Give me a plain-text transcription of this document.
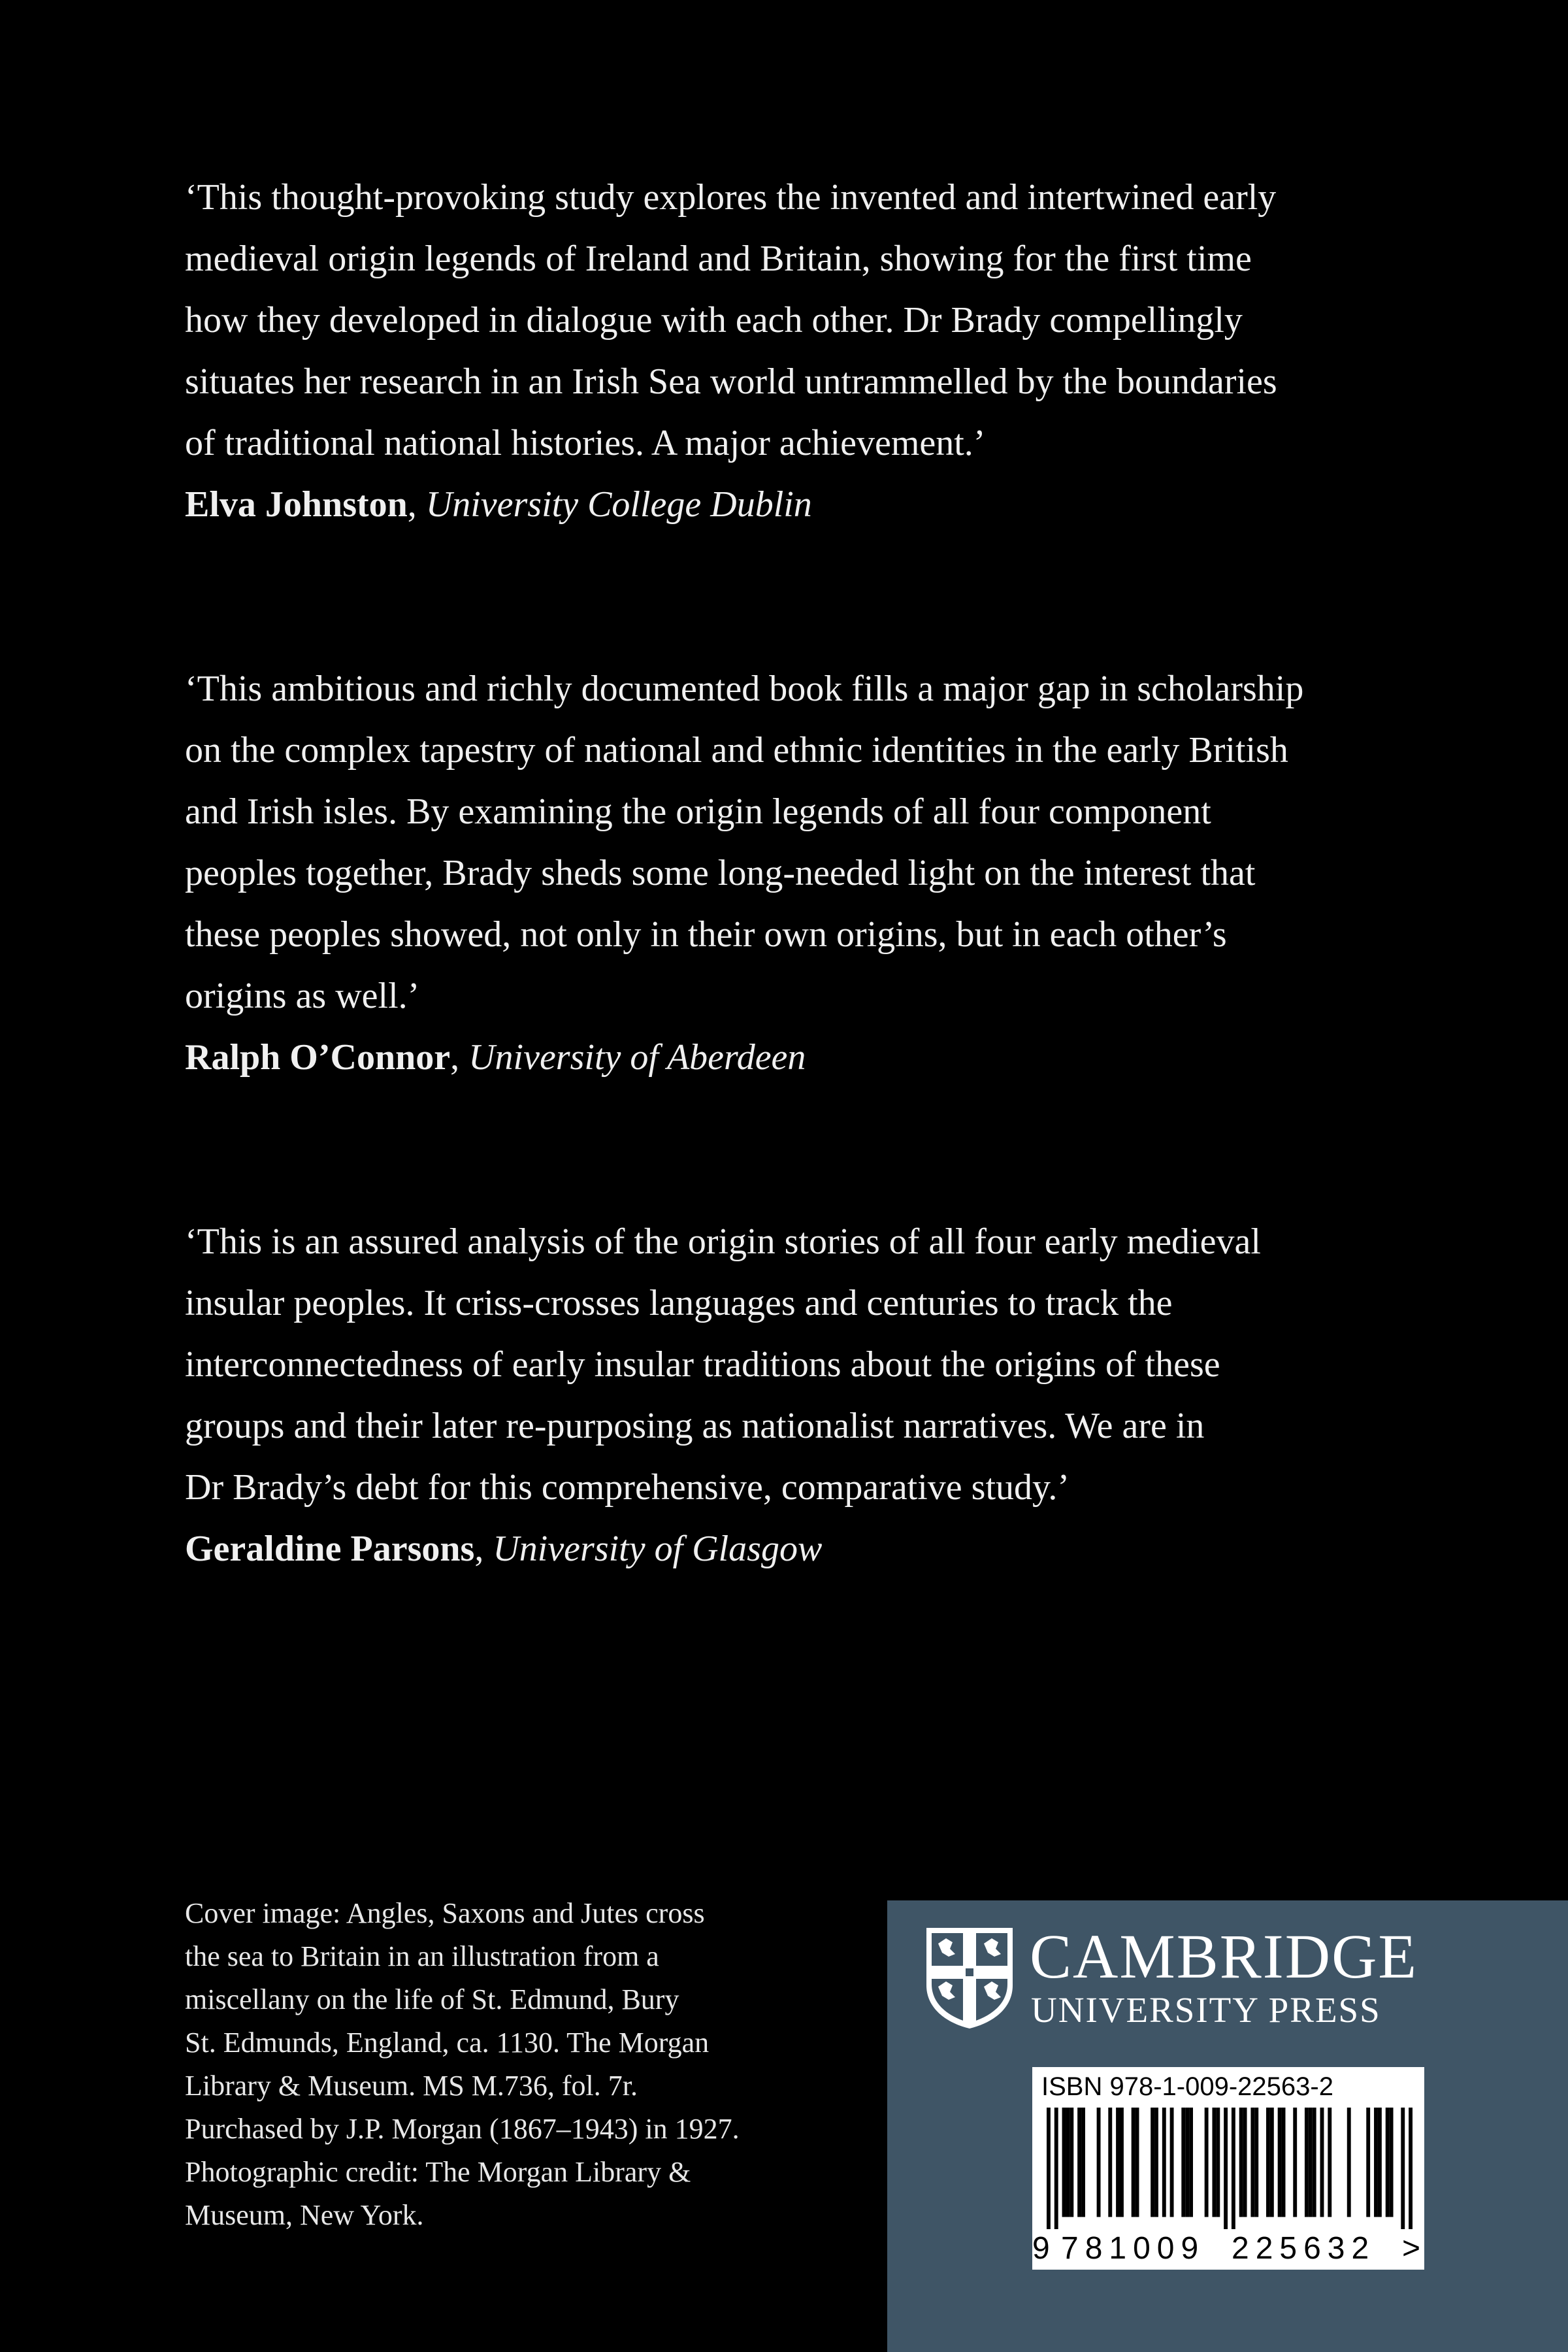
‘This thought-provoking study explores the invented and intertwined early
medieval origin legends of Ireland and Britain, showing for the first time
how they developed in dialogue with each other. Dr Brady compellingly
situates her research in an Irish Sea world untrammelled by the boundaries
of traditional national histories. A major achievement.’

Elva Johnston, University College Dublin

‘This ambitious and richly documented book fills a major gap in scholarship
on the complex tapestry of national and ethnic identities in the early British
and Irish isles. By examining the origin legends of all four component
peoples together, Brady sheds some long-needed light on the interest that
these peoples showed, not only in their own origins, but in each other’s
origins as well.’

Ralph O’Connor, University of Aberdeen

‘This is an assured analysis of the origin stories of all four early medieval
insular peoples. It criss-crosses languages and centuries to track the
interconnectedness of early insular traditions about the origins of these
groups and their later re-purposing as nationalist narratives. We are in
Dr Brady’s debt for this comprehensive, comparative study.’

Geraldine Parsons, University of Glasgow

Cover image: Angles, Saxons and Jutes cross
the sea to Britain in an illustration from a
miscellany on the life of St. Edmund, Bury
St. Edmunds, England, ca. 1130. The Morgan
Library & Museum. MS M.736, fol. 7r.
Purchased by J.P. Morgan (1867–1943) in 1927.
Photographic credit: The Morgan Library &
Museum, New York.
CAMBRIDGE
UNIVERSITY PRESS
ISBN 978-1-009-22563-2
9 781009 225632 >
